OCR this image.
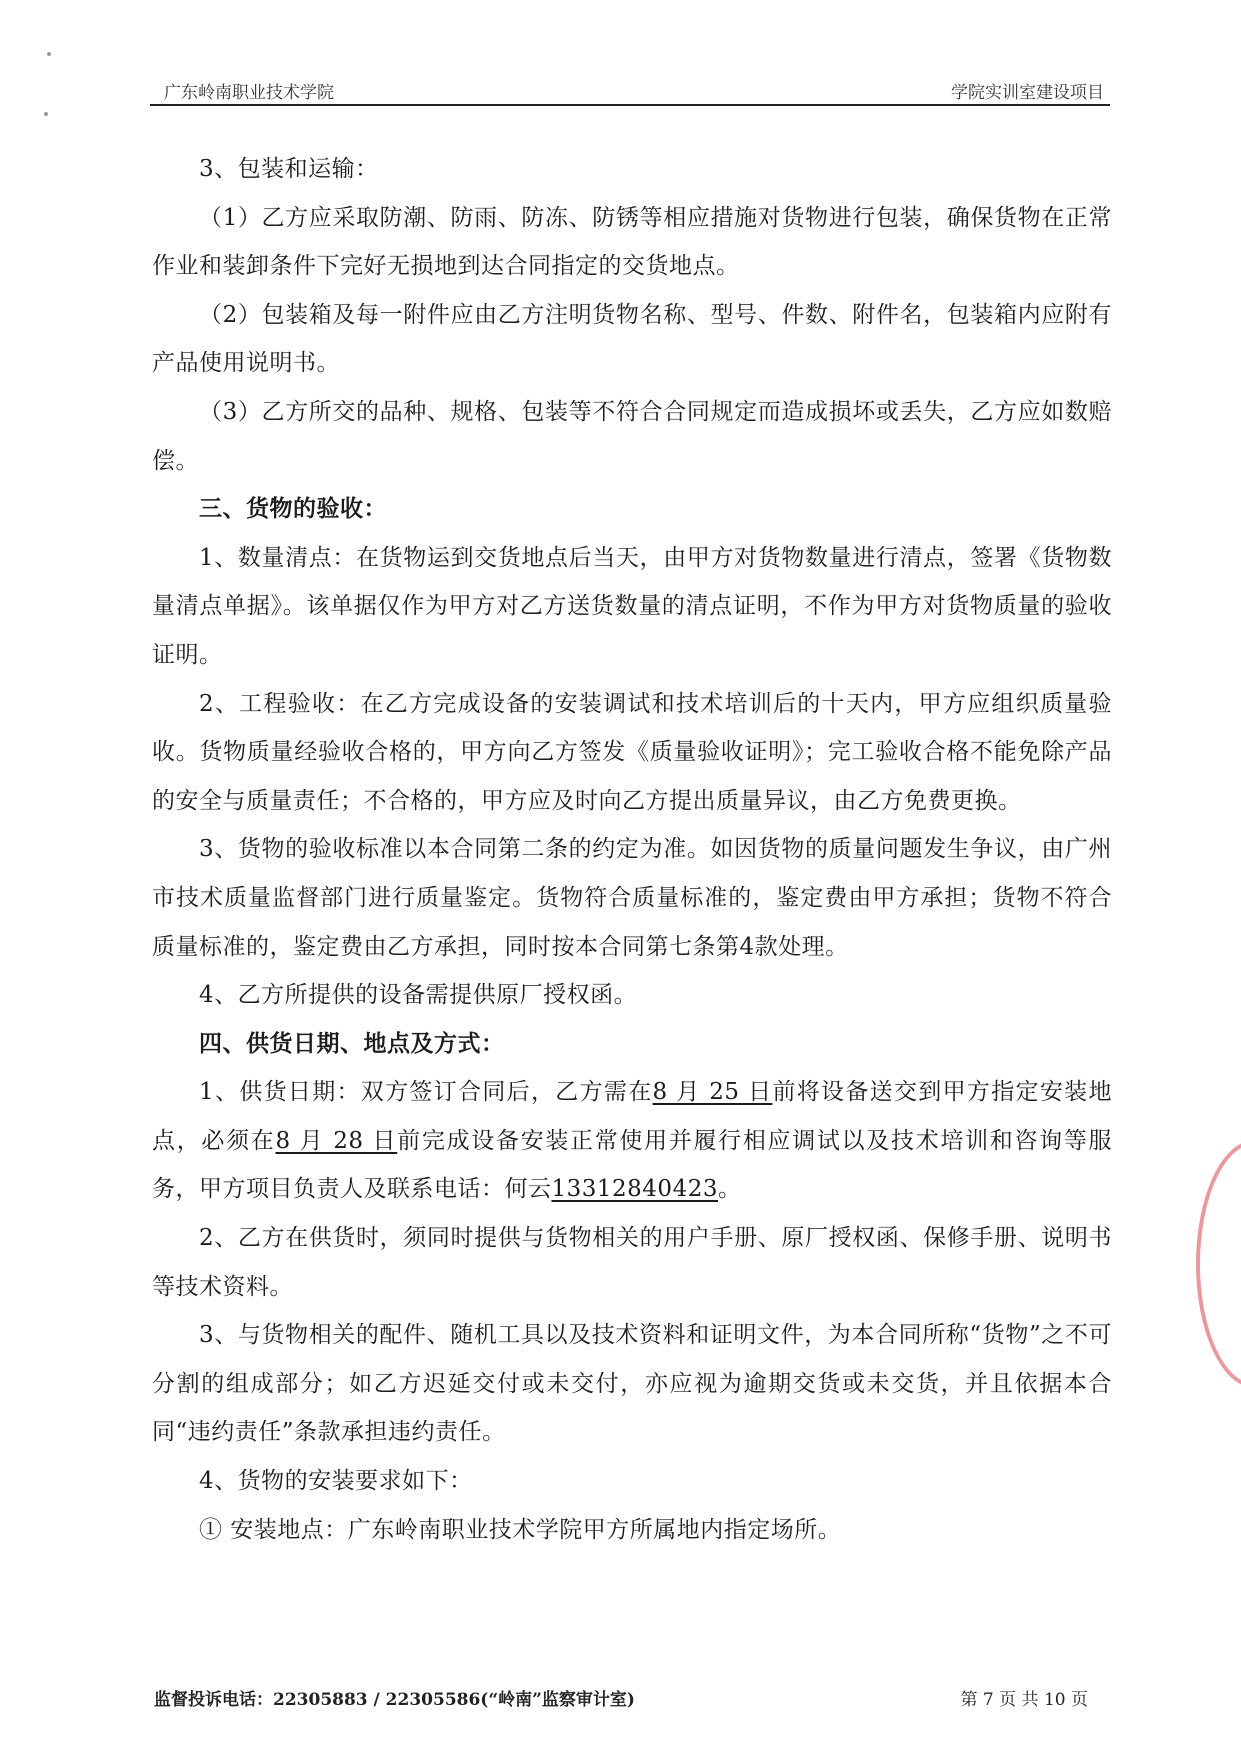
广东岭南职业技术学院	学院实训室建设项目

3、包装和运输：

（1）乙方应采取防潮、防雨、防冻、防锈等相应措施对货物进行包装，确保货物在正常作业和装卸条件下完好无损地到达合同指定的交货地点。

（2）包装箱及每一附件应由乙方注明货物名称、型号、件数、附件名，包装箱内应附有产品使用说明书。

（3）乙方所交的品种、规格、包装等不符合合同规定而造成损坏或丢失，乙方应如数赔偿。

三、货物的验收：

1、数量清点：在货物运到交货地点后当天，由甲方对货物数量进行清点，签署《货物数量清点单据》。该单据仅作为甲方对乙方送货数量的清点证明，不作为甲方对货物质量的验收证明。

2、工程验收：在乙方完成设备的安装调试和技术培训后的十天内，甲方应组织质量验收。货物质量经验收合格的，甲方向乙方签发《质量验收证明》；完工验收合格不能免除产品的安全与质量责任；不合格的，甲方应及时向乙方提出质量异议，由乙方免费更换。

3、货物的验收标准以本合同第二条的约定为准。如因货物的质量问题发生争议，由广州市技术质量监督部门进行质量鉴定。货物符合质量标准的，鉴定费由甲方承担；货物不符合质量标准的，鉴定费由乙方承担，同时按本合同第七条第4款处理。

4、乙方所提供的设备需提供原厂授权函。

四、供货日期、地点及方式：

1、供货日期：双方签订合同后，乙方需在8 月 25 日前将设备送交到甲方指定安装地点，必须在8 月 28 日前完成设备安装正常使用并履行相应调试以及技术培训和咨询等服务，甲方项目负责人及联系电话：何云13312840423。

2、乙方在供货时，须同时提供与货物相关的用户手册、原厂授权函、保修手册、说明书等技术资料。

3、与货物相关的配件、随机工具以及技术资料和证明文件，为本合同所称“货物”之不可分割的组成部分；如乙方迟延交付或未交付，亦应视为逾期交货或未交货，并且依据本合同“违约责任”条款承担违约责任。

4、货物的安装要求如下：

① 安装地点：广东岭南职业技术学院甲方所属地内指定场所。

监督投诉电话：22305883 / 22305586(“岭南”监察审计室)	第 7 页 共 10 页
